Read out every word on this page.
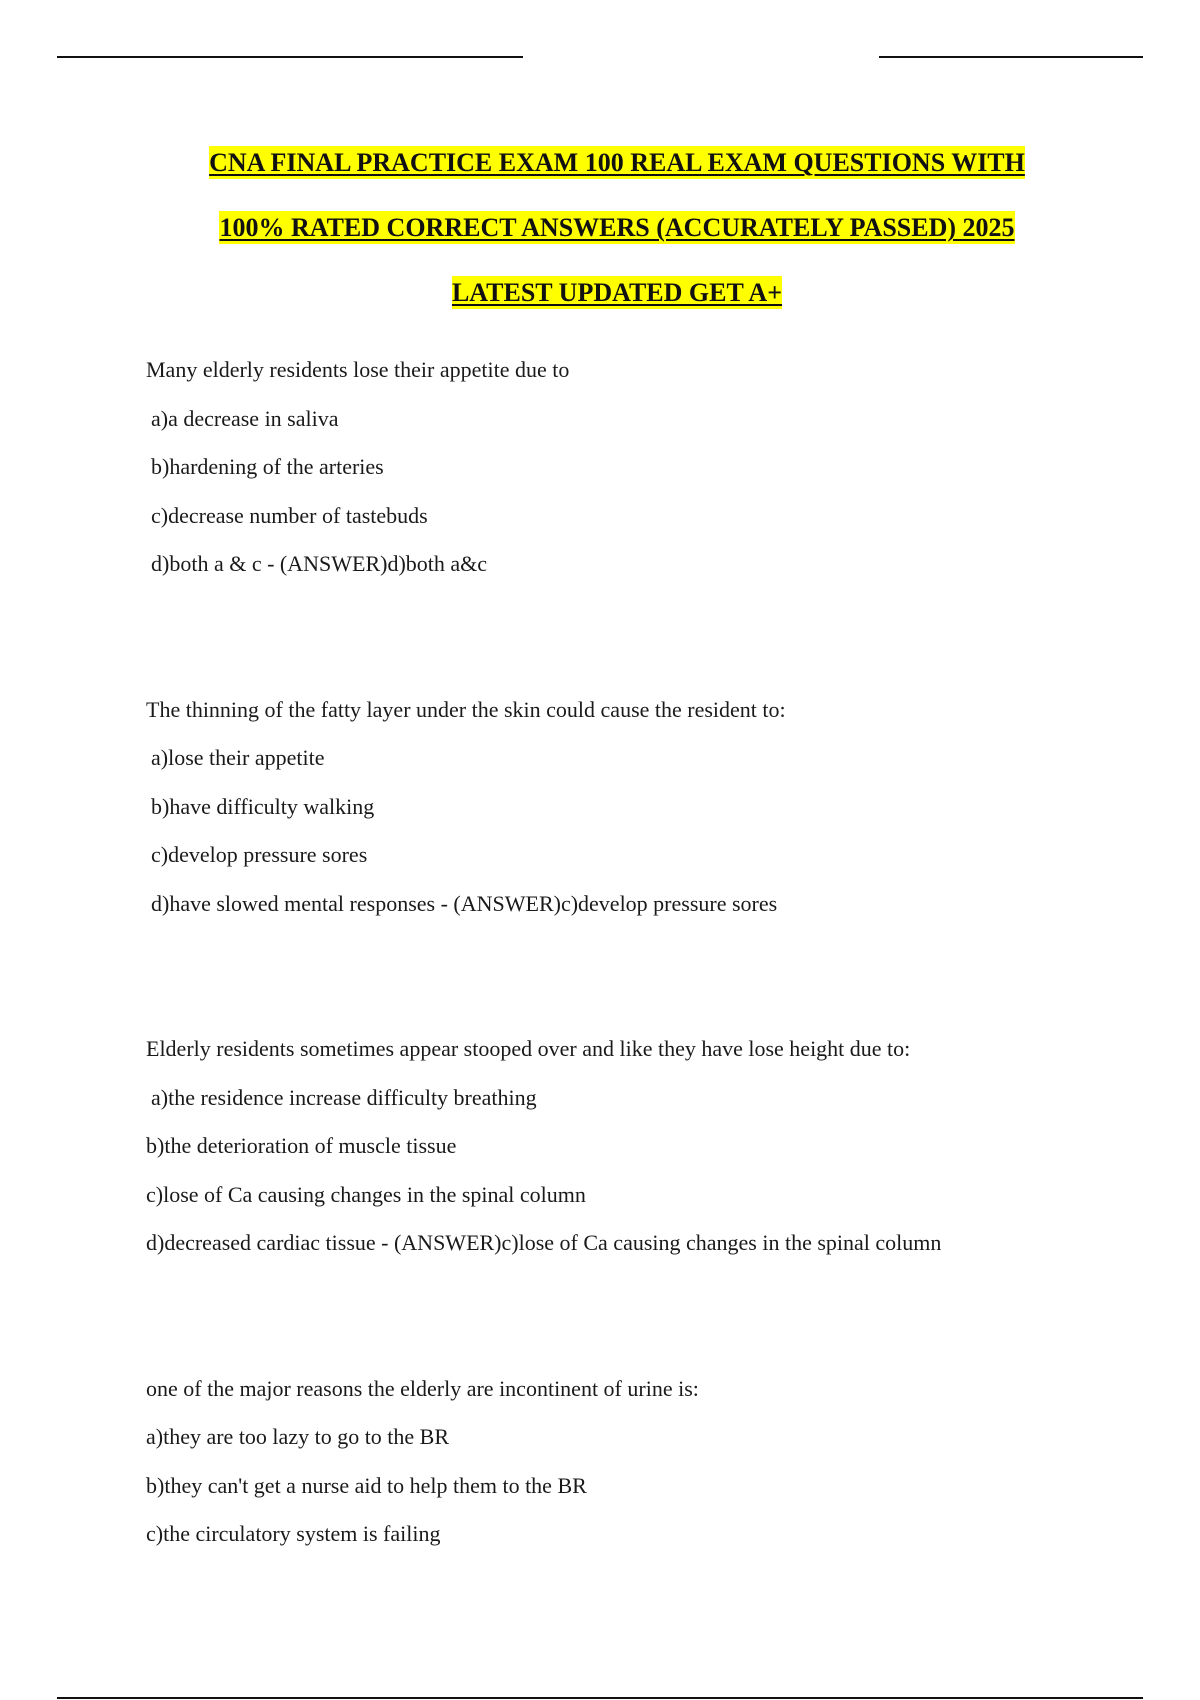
CNA FINAL PRACTICE EXAM 100 REAL EXAM QUESTIONS WITH
100% RATED CORRECT ANSWERS (ACCURATELY PASSED) 2025
LATEST UPDATED GET A+
Many elderly residents lose their appetite due to
a)a decrease in saliva
b)hardening of the arteries
c)decrease number of tastebuds
d)both a & c - (ANSWER)d)both a&c
The thinning of the fatty layer under the skin could cause the resident to:
a)lose their appetite
b)have difficulty walking
c)develop pressure sores
d)have slowed mental responses - (ANSWER)c)develop pressure sores
Elderly residents sometimes appear stooped over and like they have lose height due to:
a)the residence increase difficulty breathing
b)the deterioration of muscle tissue
c)lose of Ca causing changes in the spinal column
d)decreased cardiac tissue - (ANSWER)c)lose of Ca causing changes in the spinal column
one of the major reasons the elderly are incontinent of urine is:
a)they are too lazy to go to the BR
b)they can't get a nurse aid to help them to the BR
c)the circulatory system is failing
